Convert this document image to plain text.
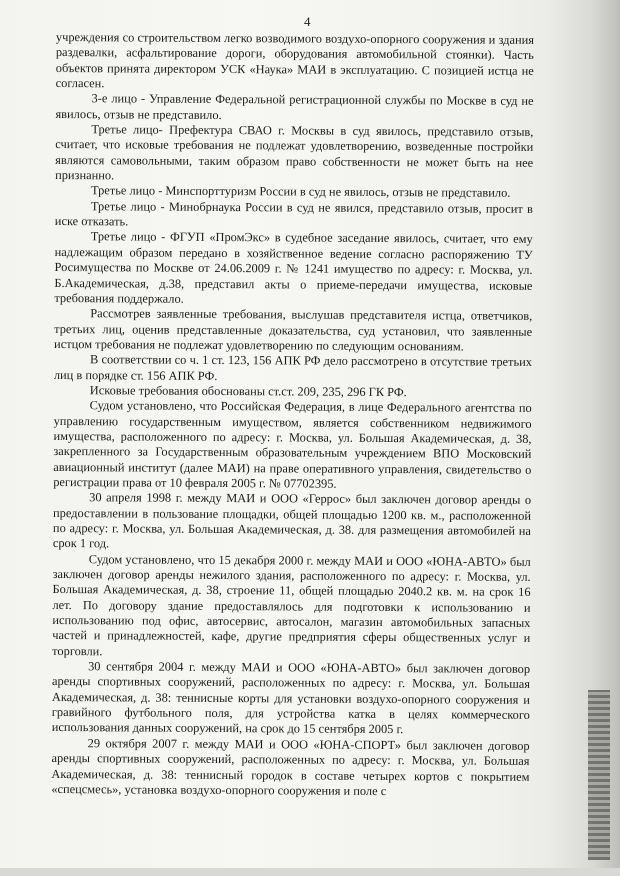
4

учреждения со строительством легко возводимого воздухо-опорного сооружения и здания раздевалки, асфальтирование дороги, оборудования автомобильной стоянки). Часть объектов принята директором УСК «Наука» МАИ в эксплуатацию. С позицией истца не согласен.

3-е лицо - Управление Федеральной регистрационной службы по Москве в суд не явилось, отзыв не представило.

Третье лицо- Префектура СВАО г. Москвы в суд явилось, представило отзыв, считает, что исковые требования не подлежат удовлетворению, возведенные постройки являются самовольными, таким образом право собственности не может быть на нее признанно.

Третье лицо - Минспорттуризм России в суд не явилось, отзыв не представило.

Третье лицо - Минобрнаука России в суд не явился, представило отзыв, просит в иске отказать.

Третье лицо - ФГУП «ПромЭкс» в судебное заседание явилось, считает, что ему надлежащим образом передано в хозяйственное ведение согласно распоряжению ТУ Росимущества по Москве от 24.06.2009 г. № 1241 имущество по адресу: г. Москва, ул. Б.Академическая, д.38, представил акты о приеме-передачи имущества, исковые требования поддержало.

Рассмотрев заявленные требования, выслушав представителя истца, ответчиков, третьих лиц, оценив представленные доказательства, суд установил, что заявленные истцом требования не подлежат удовлетворению по следующим основаниям.

В соответствии со ч. 1 ст. 123, 156 АПК РФ дело рассмотрено в отсутствие третьих лиц в порядке ст. 156 АПК РФ.

Исковые требования обоснованы ст.ст. 209, 235, 296 ГК РФ.

Судом установлено, что Российская Федерация, в лице Федерального агентства по управлению государственным имуществом, является собственником недвижимого имущества, расположенного по адресу: г. Москва, ул. Большая Академическая, д. 38, закрепленного за Государственным образовательным учреждением ВПО Московский авиационный институт (далее МАИ) на праве оперативного управления, свидетельство о регистрации права от 10 февраля 2005 г. № 07702395.

30 апреля 1998 г. между МАИ и ООО «Геррос» был заключен договор аренды о предоставлении в пользование площадки, общей площадью 1200 кв. м., расположенной по адресу: г. Москва, ул. Большая Академическая, д. 38. для размещения автомобилей на срок 1 год.

Судом установлено, что 15 декабря 2000 г. между МАИ и ООО «ЮНА-АВТО» был заключен договор аренды нежилого здания, расположенного по адресу: г. Москва, ул. Большая Академическая, д. 38, строение 11, общей площадью 2040.2 кв. м. на срок 16 лет. По договору здание предоставлялось для подготовки к использованию и использованию под офис, автосервис, автосалон, магазин автомобильных запасных частей и принадлежностей, кафе, другие предприятия сферы общественных услуг и торговли.

30 сентября 2004 г. между МАИ и ООО «ЮНА-АВТО» был заключен договор аренды спортивных сооружений, расположенных по адресу: г. Москва, ул. Большая Академическая, д. 38: теннисные корты для установки воздухо-опорного сооружения и гравийного футбольного поля, для устройства катка в целях коммерческого использования данных сооружений, на срок до 15 сентября 2005 г.

29 октября 2007 г. между МАИ и ООО «ЮНА-СПОРТ» был заключен договор аренды спортивных сооружений, расположенных по адресу: г. Москва, ул. Большая Академическая, д. 38: теннисный городок в составе четырех кортов с покрытием «спецсмесь», установка воздухо-опорного сооружения и поле с
